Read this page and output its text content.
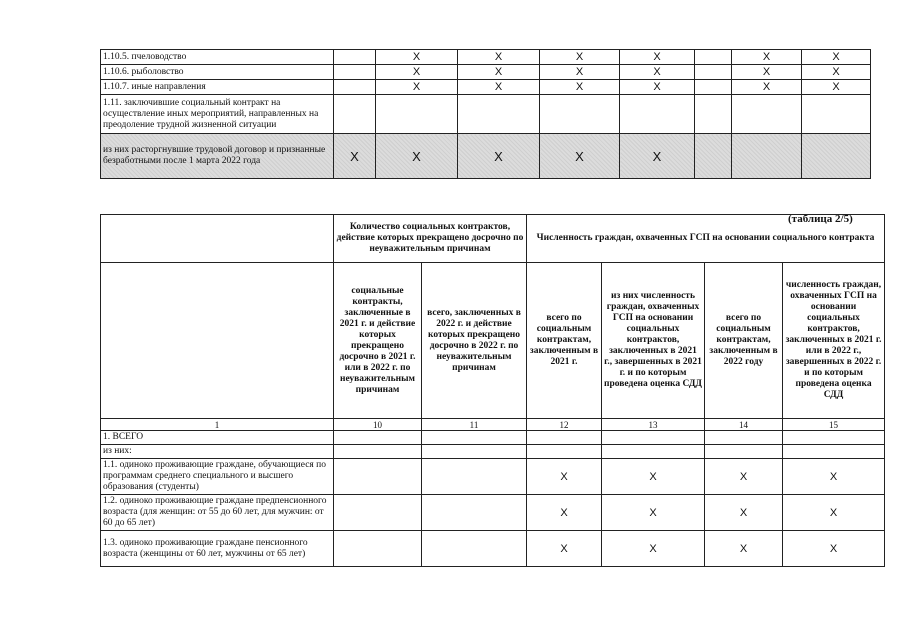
1.10.5. пчеловодство		X	X	X	X		X	X
1.10.6. рыболовство		X	X	X	X		X	X
1.10.7. иные направления		X	X	X	X		X	X
1.11. заключившие социальный контракт на осуществление иных мероприятий, направленных на преодоление трудной жизненной ситуации								
из них расторгнувшие трудовой договор и признанные безработными после 1 марта 2022 года	X	X	X	X	X			
(таблица 2/5)
	Количество социальных контрактов, действие которых прекращено досрочно по неуважительным причинам		Численность граждан, охваченных ГСП на основании социального контракта			
	социальные контракты, заключенные в 2021 г. и действие которых прекращено досрочно в 2021 г. или в 2022 г. по неуважительным причинам	всего, заключенных в 2022 г. и действие которых прекращено досрочно в 2022 г. по неуважительным причинам	всего по социальным контрактам, заключенным в 2021 г.	из них численность граждан, охваченных ГСП на основании социальных контрактов, заключенных в 2021 г., завершенных в 2021 г. и по которым проведена оценка СДД	всего по социальным контрактам, заключенным в 2022 году	численность граждан, охваченных ГСП на основании социальных контрактов, заключенных в 2021 г. или в 2022 г., завершенных в 2022 г. и по которым проведена оценка СДД
1	10	11	12	13	14	15
1. ВСЕГО						
из них:						
1.1. одиноко проживающие граждане, обучающиеся по программам среднего специального и высшего образования (студенты)			X	X	X	X
1.2. одиноко проживающие граждане предпенсионного возраста (для женщин: от 55 до 60 лет, для мужчин: от 60 до 65 лет)			X	X	X	X
1.3. одиноко проживающие граждане пенсионного возраста (женщины от 60 лет, мужчины от 65 лет)			X	X	X	X
